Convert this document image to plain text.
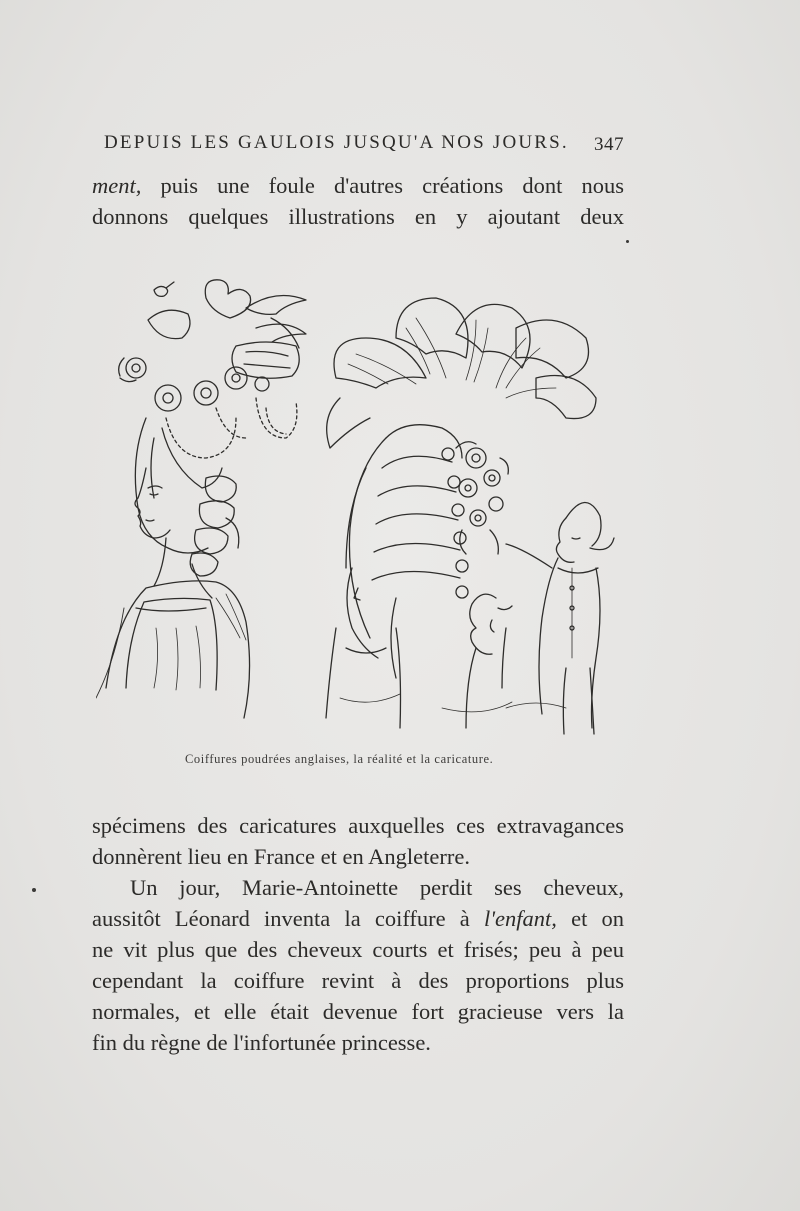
DEPUIS LES GAULOIS JUSQU'A NOS JOURS. 347
ment, puis une foule d'autres créations dont nous
donnons quelques illustrations en y ajoutant deux
Coiffures poudrées anglaises, la réalité et la caricature.
spécimens des caricatures auxquelles ces extravagances
donnèrent lieu en France et en Angleterre.
Un jour, Marie-Antoinette perdit ses cheveux,
aussitôt Léonard inventa la coiffure à l'enfant, et on
ne vit plus que des cheveux courts et frisés; peu à peu
cependant la coiffure revint à des proportions plus
normales, et elle était devenue fort gracieuse vers la
fin du règne de l'infortunée princesse.
